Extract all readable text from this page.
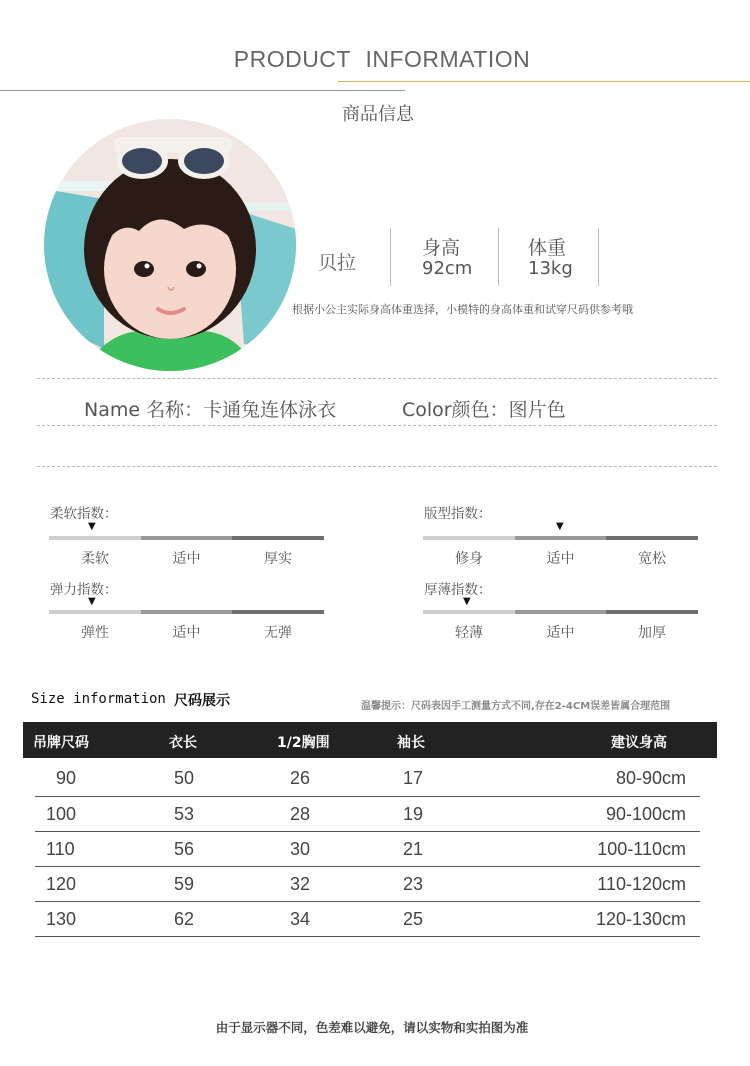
PRODUCT INFORMATION
商品信息
贝拉
身高
92cm
体重
13kg
根据小公主实际身高体重选择，小模特的身高体重和试穿尺码供参考哦
Name 名称：卡通兔连体泳衣	Color颜色：图片色
柔软指数：
▼
柔软	适中	厚实
版型指数：
▼
修身	适中	宽松
弹力指数：
▼
弹性	适中	无弹
厚薄指数：
▼
轻薄	适中	加厚
Size information 尺码展示	温馨提示：尺码表因手工测量方式不同,存在2-4CM误差皆属合理范围
吊牌尺码	衣长	1/2胸围	袖长	建议身高
90	50	26	17	80-90cm
100	53	28	19	90-100cm
110	56	30	21	100-110cm
120	59	32	23	110-120cm
130	62	34	25	120-130cm
由于显示器不同，色差难以避免，请以实物和实拍图为准
